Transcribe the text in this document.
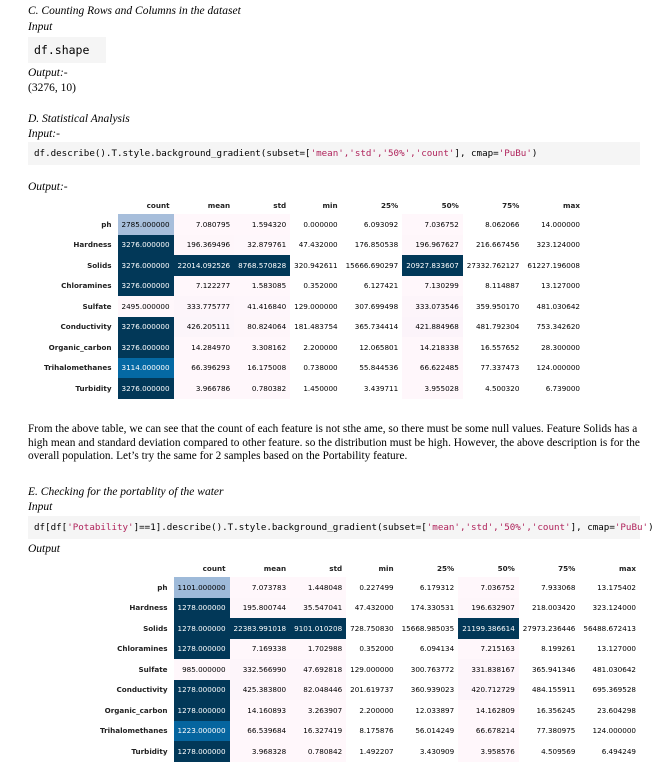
C. Counting Rows and Columns in the dataset
Input
df.shape
Output:-
(3276, 10)
D. Statistical Analysis
Input:-
df.describe().T.style.background_gradient(subset=['mean','std','50%','count'], cmap='PuBu')
Output:-
	count	mean	std	min	25%	50%	75%	max
ph	2785.000000	7.080795	1.594320	0.000000	6.093092	7.036752	8.062066	14.000000
Hardness	3276.000000	196.369496	32.879761	47.432000	176.850538	196.967627	216.667456	323.124000
Solids	3276.000000	22014.092526	8768.570828	320.942611	15666.690297	20927.833607	27332.762127	61227.196008
Chloramines	3276.000000	7.122277	1.583085	0.352000	6.127421	7.130299	8.114887	13.127000
Sulfate	2495.000000	333.775777	41.416840	129.000000	307.699498	333.073546	359.950170	481.030642
Conductivity	3276.000000	426.205111	80.824064	181.483754	365.734414	421.884968	481.792304	753.342620
Organic_carbon	3276.000000	14.284970	3.308162	2.200000	12.065801	14.218338	16.557652	28.300000
Trihalomethanes	3114.000000	66.396293	16.175008	0.738000	55.844536	66.622485	77.337473	124.000000
Turbidity	3276.000000	3.966786	0.780382	1.450000	3.439711	3.955028	4.500320	6.739000
From the above table, we can see that the count of each feature is not sthe ame, so there must be some null values. Feature Solids has a high mean and standard deviation compared to other feature. so the distribution must be high. However, the above description is for the overall population. Let’s try the same for 2 samples based on the Portability feature.
E. Checking for the portablity of the water
Input
df[df['Potability']==1].describe().T.style.background_gradient(subset=['mean','std','50%','count'], cmap='PuBu')
Output
	count	mean	std	min	25%	50%	75%	max
ph	1101.000000	7.073783	1.448048	0.227499	6.179312	7.036752	7.933068	13.175402
Hardness	1278.000000	195.800744	35.547041	47.432000	174.330531	196.632907	218.003420	323.124000
Solids	1278.000000	22383.991018	9101.010208	728.750830	15668.985035	21199.386614	27973.236446	56488.672413
Chloramines	1278.000000	7.169338	1.702988	0.352000	6.094134	7.215163	8.199261	13.127000
Sulfate	985.000000	332.566990	47.692818	129.000000	300.763772	331.838167	365.941346	481.030642
Conductivity	1278.000000	425.383800	82.048446	201.619737	360.939023	420.712729	484.155911	695.369528
Organic_carbon	1278.000000	14.160893	3.263907	2.200000	12.033897	14.162809	16.356245	23.604298
Trihalomethanes	1223.000000	66.539684	16.327419	8.175876	56.014249	66.678214	77.380975	124.000000
Turbidity	1278.000000	3.968328	0.780842	1.492207	3.430909	3.958576	4.509569	6.494249
